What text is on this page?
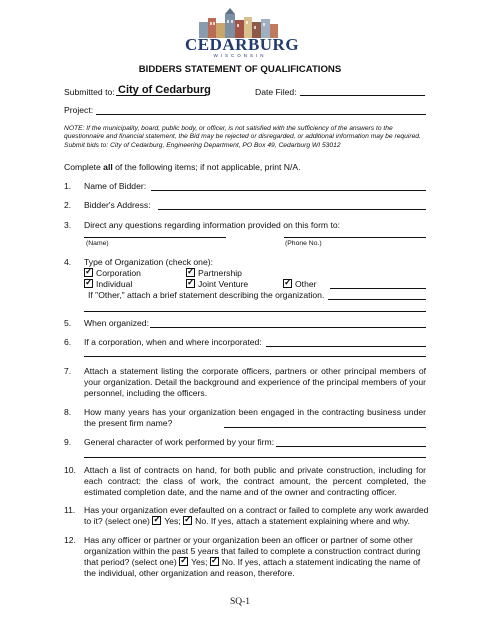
CEDARBURG
WISCONSIN
BIDDERS STATEMENT OF QUALIFICATIONS
Submitted to: City of Cedarburg	Date Filed:
Project:
NOTE: If the municipality, board, public body, or officer, is not satisfied with the sufficiency of the answers to the questionnaire and financial statement, the Bid may be rejected or disregarded, or additional information may be required. Submit bids to: City of Cedarburg, Engineering Department, PO Box 49, Cedarburg WI 53012
Complete all of the following items; if not applicable, print N/A.
1. Name of Bidder:
2. Bidder's Address:
3. Direct any questions regarding information provided on this form to:
(Name)	(Phone No.)
4. Type of Organization (check one):
✓Corporation ✓	Partnership
✓Individual ✓	Joint Venture ✓	Other
If "Other," attach a brief statement describing the organization.
5. When organized:
6. If a corporation, when and where incorporated:
7. Attach a statement listing the corporate officers, partners or other principal members of your organization. Detail the background and experience of the principal members of your personnel, including the officers.
8. How many years has your organization been engaged in the contracting business under the present firm name?
9. General character of work performed by your firm:
10. Attach a list of contracts on hand, for both public and private construction, including for each contract: the class of work, the contract amount, the percent completed, the estimated completion date, and the name and of the owner and contracting officer.
11. Has your organization ever defaulted on a contract or failed to complete any work awarded
to it? (select one) ✓Yes; ✓ No. If yes, attach a statement explaining where and why.
12. Has any officer or partner or your organization been an officer or partner of some other
organization within the past 5 years that failed to complete a construction contract during
that period? (select one) ✓Yes; ✓ No. If yes, attach a statement indicating the name of
the individual, other organization and reason, therefore.
SQ-1
